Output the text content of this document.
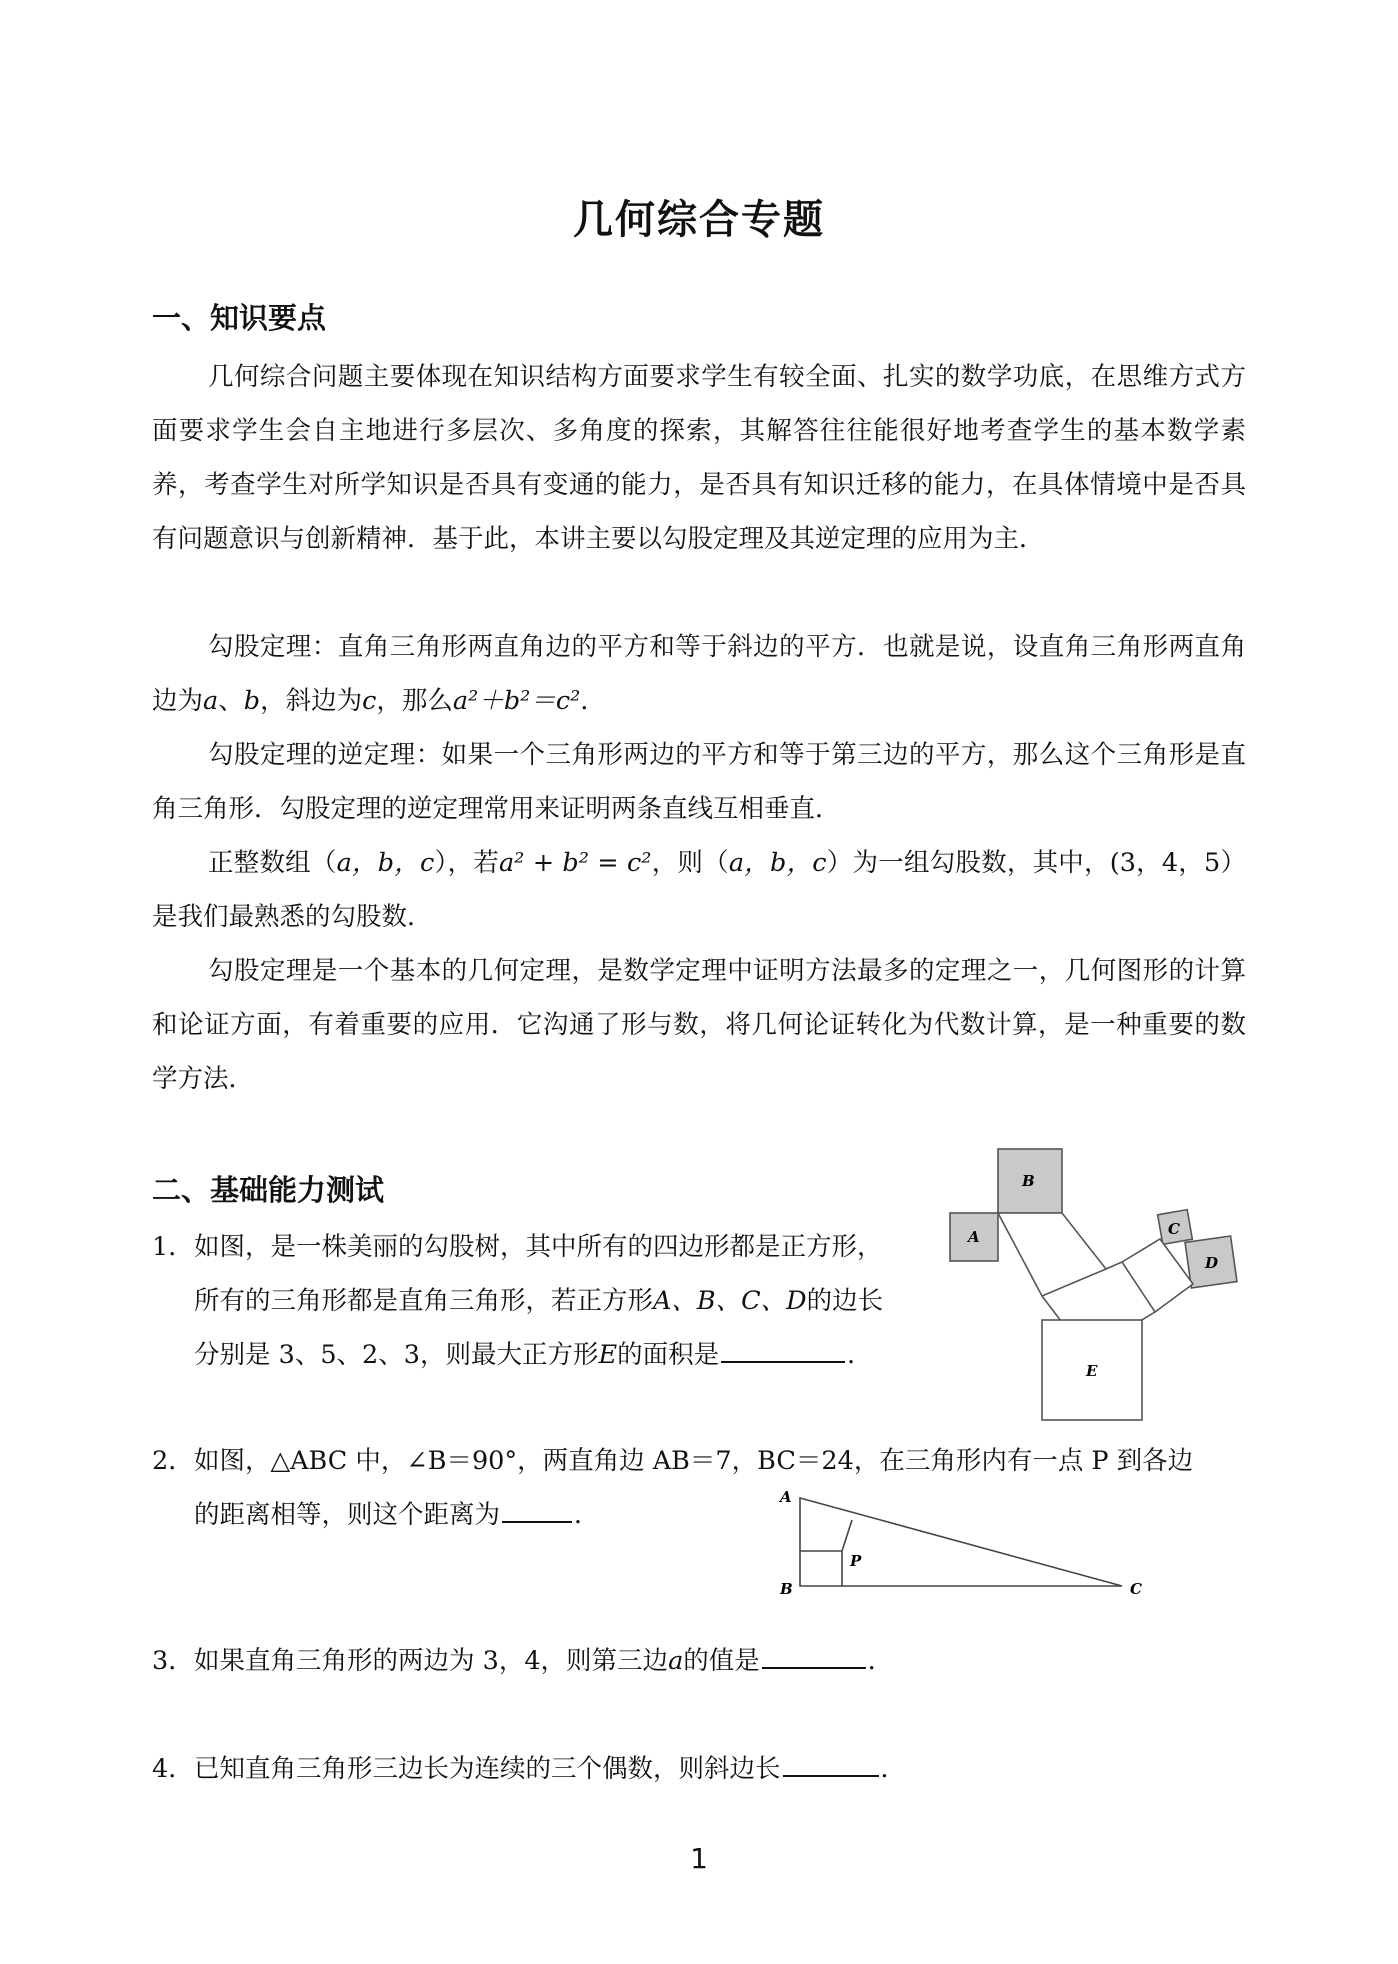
几何综合专题
一、知识要点

几何综合问题主要体现在知识结构方面要求学生有较全面、扎实的数学功底，在思维方式方面要求学生会自主地进行多层次、多角度的探索，其解答往往能很好地考查学生的基本数学素养，考查学生对所学知识是否具有变通的能力，是否具有知识迁移的能力，在具体情境中是否具有问题意识与创新精神．基于此，本讲主要以勾股定理及其逆定理的应用为主．

勾股定理：直角三角形两直角边的平方和等于斜边的平方．也就是说，设直角三角形两直角边为a、b，斜边为c，那么a²＋b²＝c²．

勾股定理的逆定理：如果一个三角形两边的平方和等于第三边的平方，那么这个三角形是直角三角形．勾股定理的逆定理常用来证明两条直线互相垂直．

正整数组（a，b，c），若a² + b² = c²，则（a，b，c）为一组勾股数，其中，(3，4，5）是我们最熟悉的勾股数．

勾股定理是一个基本的几何定理，是数学定理中证明方法最多的定理之一，几何图形的计算和论证方面，有着重要的应用．它沟通了形与数，将几何论证转化为代数计算，是一种重要的数学方法．

二、基础能力测试
1．如图，是一株美丽的勾股树，其中所有的四边形都是正方形，
所有的三角形都是直角三角形，若正方形A、B、C、D的边长
分别是 3、5、2、3，则最大正方形E的面积是	．
B
A	C
D
E
2．如图，△ABC 中，∠B＝90°，两直角边 AB＝7，BC＝24，在三角形内有一点 P 到各边
的距离相等，则这个距离为	．
A
P
B	C
3．如果直角三角形的两边为 3，4，则第三边a的值是	．
4．已知直角三角形三边长为连续的三个偶数，则斜边长	．
1
